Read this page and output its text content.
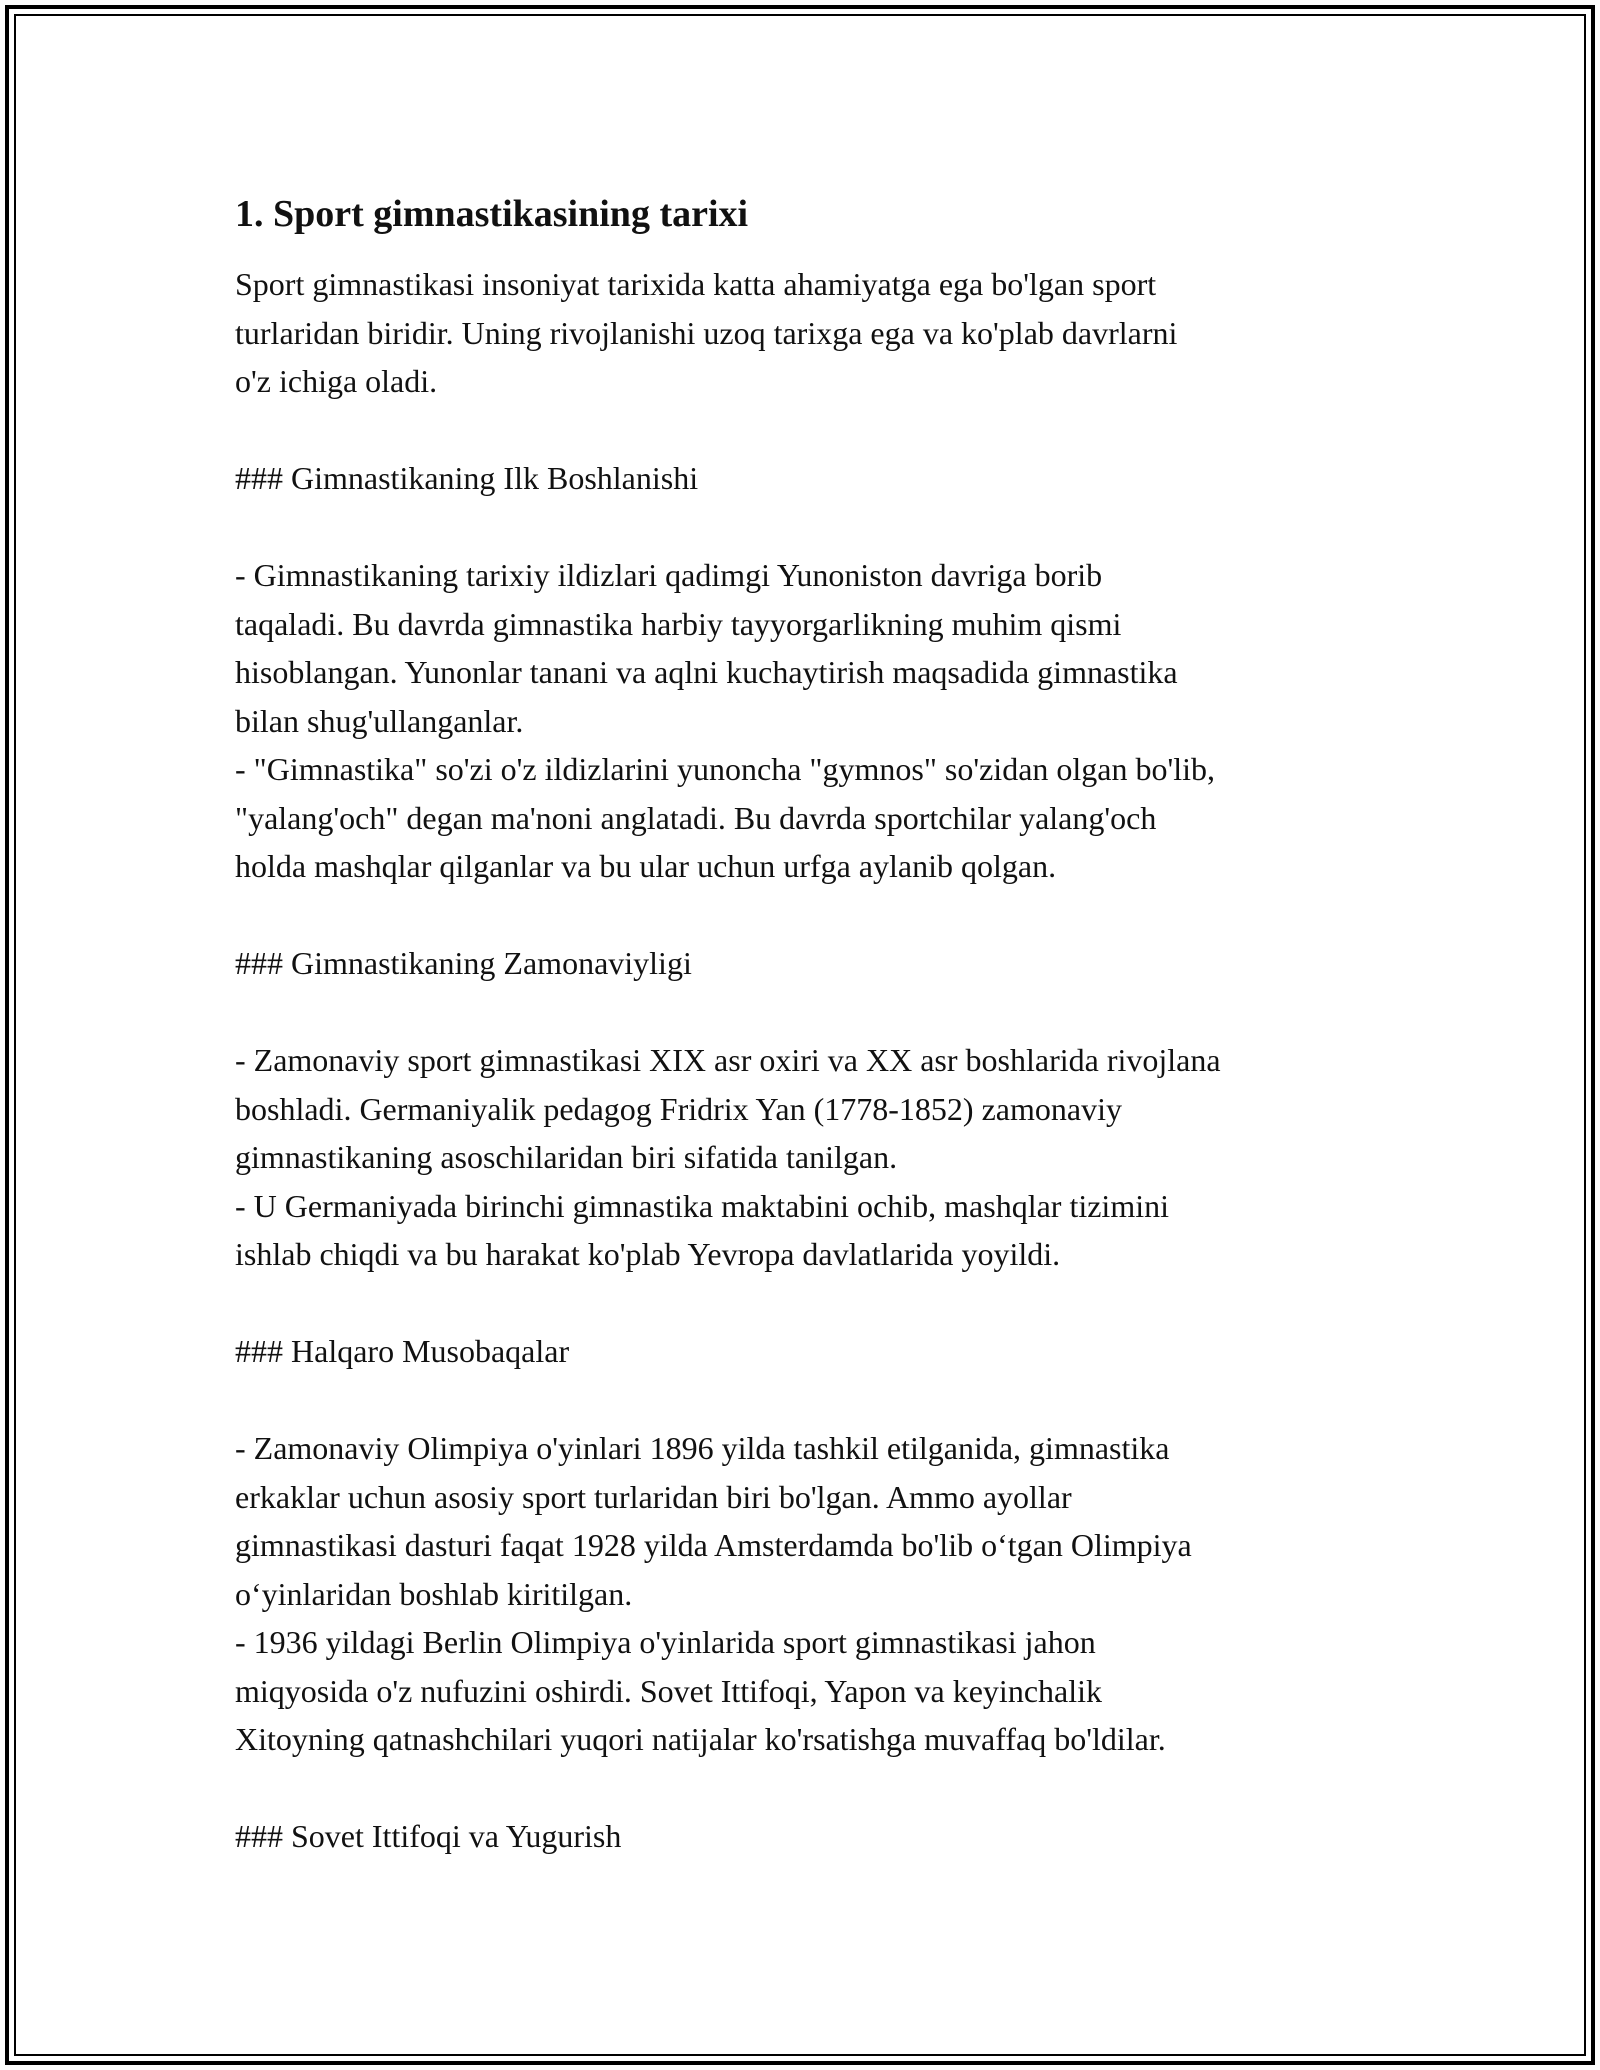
1. Sport gimnastikasining tarixi
Sport gimnastikasi insoniyat tarixida katta ahamiyatga ega bo'lgan sport
turlaridan biridir. Uning rivojlanishi uzoq tarixga ega va ko'plab davrlarni
o'z ichiga oladi.
### Gimnastikaning Ilk Boshlanishi
- Gimnastikaning tarixiy ildizlari qadimgi Yunoniston davriga borib
taqaladi. Bu davrda gimnastika harbiy tayyorgarlikning muhim qismi
hisoblangan. Yunonlar tanani va aqlni kuchaytirish maqsadida gimnastika
bilan shug'ullanganlar.
- "Gimnastika" so'zi o'z ildizlarini yunoncha "gymnos" so'zidan olgan bo'lib,
"yalang'och" degan ma'noni anglatadi. Bu davrda sportchilar yalang'och
holda mashqlar qilganlar va bu ular uchun urfga aylanib qolgan.
### Gimnastikaning Zamonaviyligi
- Zamonaviy sport gimnastikasi XIX asr oxiri va XX asr boshlarida rivojlana
boshladi. Germaniyalik pedagog Fridrix Yan (1778-1852) zamonaviy
gimnastikaning asoschilaridan biri sifatida tanilgan.
- U Germaniyada birinchi gimnastika maktabini ochib, mashqlar tizimini
ishlab chiqdi va bu harakat ko'plab Yevropa davlatlarida yoyildi.
### Halqaro Musobaqalar
- Zamonaviy Olimpiya o'yinlari 1896 yilda tashkil etilganida, gimnastika
erkaklar uchun asosiy sport turlaridan biri bo'lgan. Ammo ayollar
gimnastikasi dasturi faqat 1928 yilda Amsterdamda bo'lib o‘tgan Olimpiya
o‘yinlaridan boshlab kiritilgan.
- 1936 yildagi Berlin Olimpiya o'yinlarida sport gimnastikasi jahon
miqyosida o'z nufuzini oshirdi. Sovet Ittifoqi, Yapon va keyinchalik
Xitoyning qatnashchilari yuqori natijalar ko'rsatishga muvaffaq bo'ldilar.
### Sovet Ittifoqi va Yugurish
